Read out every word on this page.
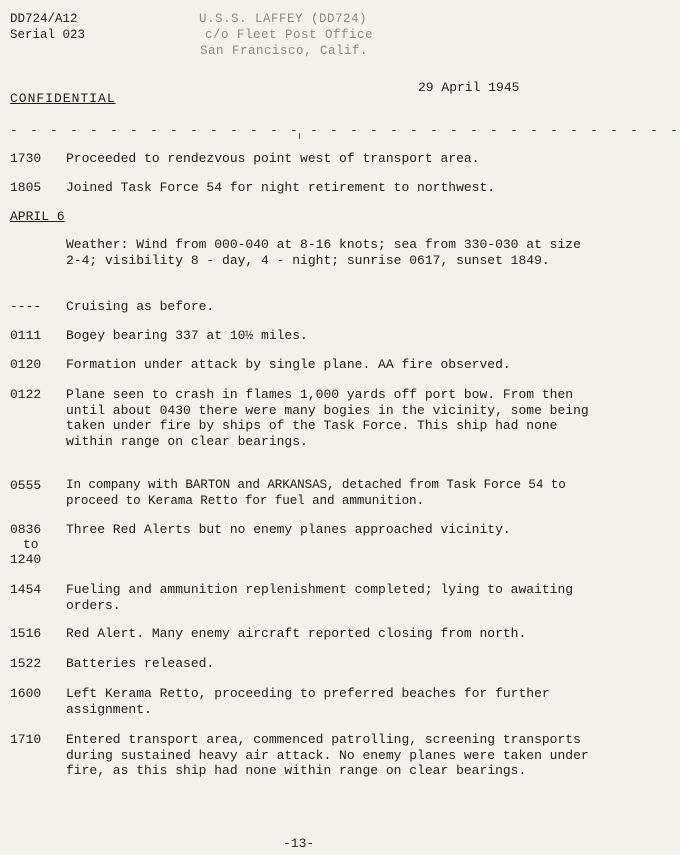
DD724/A12
Serial 023
U.S.S. LAFFEY (DD724)
c/o Fleet Post Office
San Francisco, Calif.
29 April 1945
CONFIDENTIAL
- - - - - - - - - - - - - - - - - - - - - - - - - - - - - - - - - -
1730 Proceeded to rendezvous point west of transport area.
1805 Joined Task Force 54 for night retirement to northwest.
APRIL 6
Weather: Wind from 000-040 at 8-16 knots; sea from 330-030 at size 2-4; visibility 8 - day, 4 - night; sunrise 0617, sunset 1849.
---- Cruising as before.
0111 Bogey bearing 337 at 10½ miles.
0120 Formation under attack by single plane. AA fire observed.
0122 Plane seen to crash in flames 1,000 yards off port bow. From then until about 0430 there were many bogies in the vicinity, some being taken under fire by ships of the Task Force. This ship had none within range on clear bearings.
0555 In company with BARTON and ARKANSAS, detached from Task Force 54 to proceed to Kerama Retto for fuel and ammunition.
0836
to
1240
Three Red Alerts but no enemy planes approached vicinity.
1454 Fueling and ammunition replenishment completed; lying to awaiting orders.
1516 Red Alert. Many enemy aircraft reported closing from north.
1522 Batteries released.
1600 Left Kerama Retto, proceeding to preferred beaches for further assignment.
1710 Entered transport area, commenced patrolling, screening transports during sustained heavy air attack. No enemy planes were taken under fire, as this ship had none within range on clear bearings.
-13-
